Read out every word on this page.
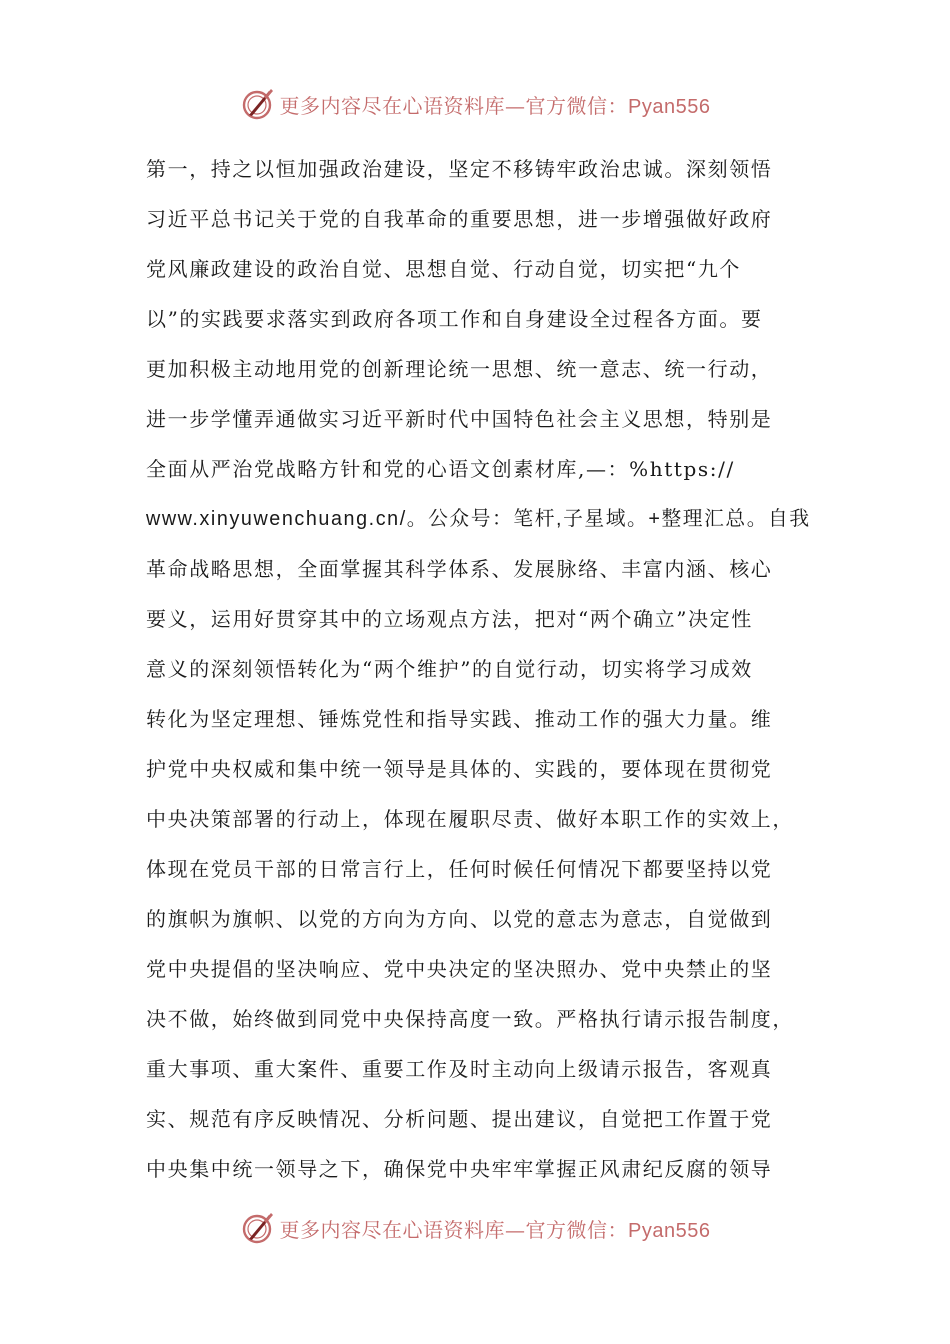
更多内容尽在心语资料库—官方微信：Pyan556
第一，持之以恒加强政治建设，坚定不移铸牢政治忠诚。深刻领悟
习近平总书记关于党的自我革命的重要思想，进一步增强做好政府
党风廉政建设的政治自觉、思想自觉、行动自觉，切实把“九个
以”的实践要求落实到政府各项工作和自身建设全过程各方面。要
更加积极主动地用党的创新理论统一思想、统一意志、统一行动，
进一步学懂弄通做实习近平新时代中国特色社会主义思想，特别是
全面从严治党战略方针和党的心语文创素材库,—：%https://
www.xinyuwenchuang.cn/。公众号：笔杆,子星域。+整理汇总。自我
革命战略思想，全面掌握其科学体系、发展脉络、丰富内涵、核心
要义，运用好贯穿其中的立场观点方法，把对“两个确立”决定性
意义的深刻领悟转化为“两个维护”的自觉行动，切实将学习成效
转化为坚定理想、锤炼党性和指导实践、推动工作的强大力量。维
护党中央权威和集中统一领导是具体的、实践的，要体现在贯彻党
中央决策部署的行动上，体现在履职尽责、做好本职工作的实效上，
体现在党员干部的日常言行上，任何时候任何情况下都要坚持以党
的旗帜为旗帜、以党的方向为方向、以党的意志为意志，自觉做到
党中央提倡的坚决响应、党中央决定的坚决照办、党中央禁止的坚
决不做，始终做到同党中央保持高度一致。严格执行请示报告制度，
重大事项、重大案件、重要工作及时主动向上级请示报告，客观真
实、规范有序反映情况、分析问题、提出建议，自觉把工作置于党
中央集中统一领导之下，确保党中央牢牢掌握正风肃纪反腐的领导
更多内容尽在心语资料库—官方微信：Pyan556
